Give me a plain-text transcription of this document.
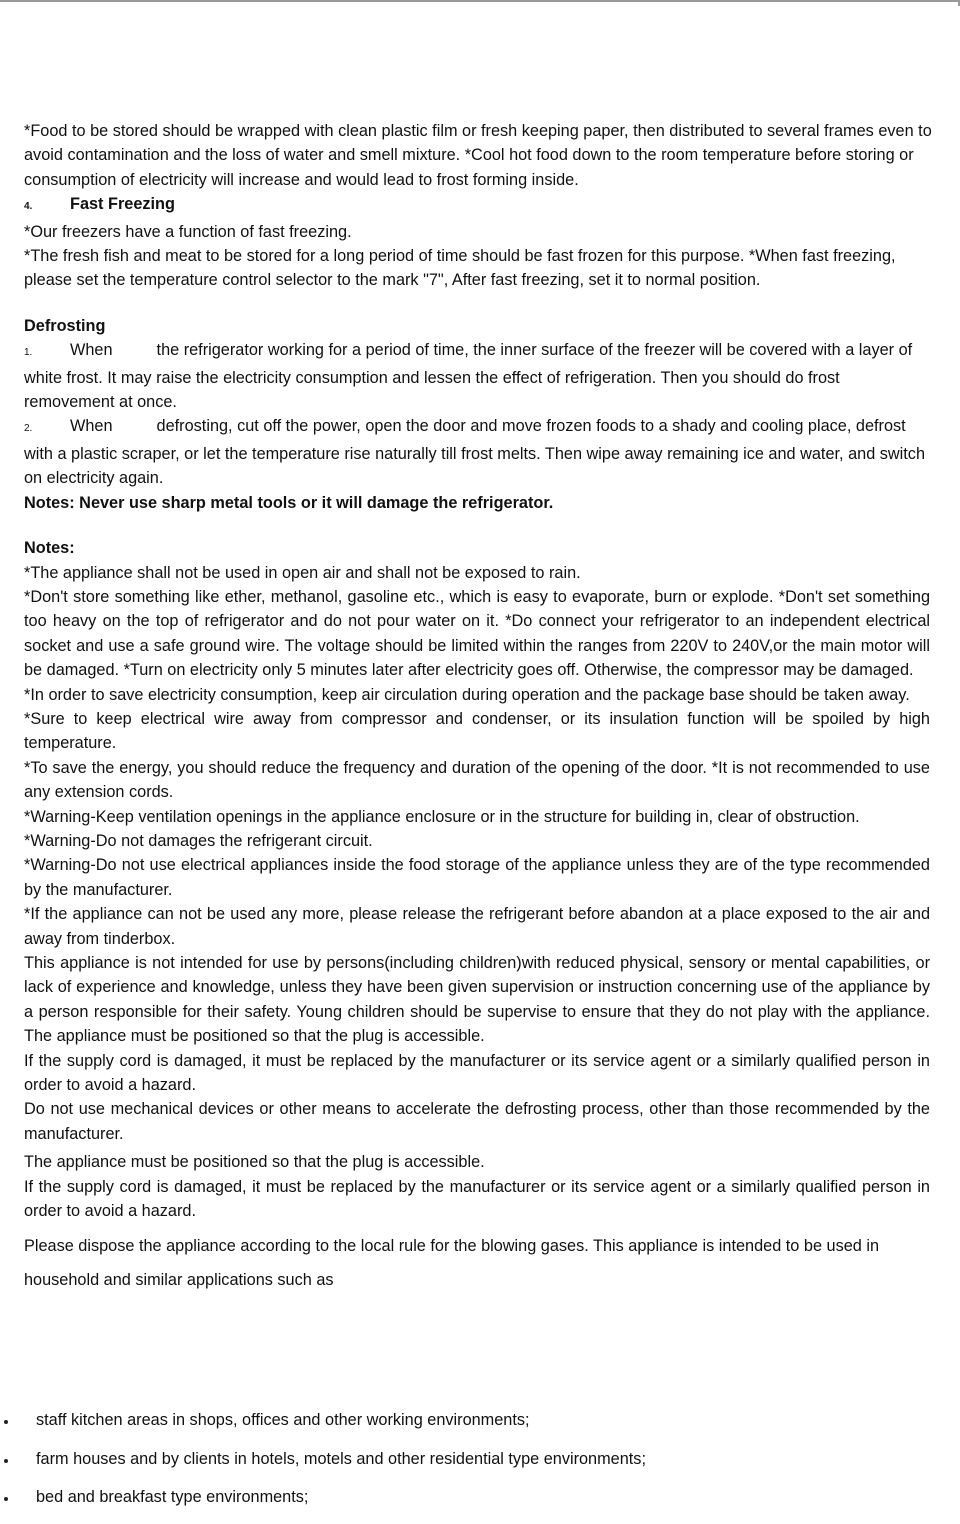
*Food to be stored should be wrapped with clean plastic film or fresh keeping paper, then distributed to several frames even to avoid contamination and the loss of water and smell mixture. *Cool hot food down to the room temperature before storing or consumption of electricity will increase and would lead to frost forming inside.

4. Fast Freezing

*Our freezers have a function of fast freezing.

*The fresh fish and meat to be stored for a long period of time should be fast frozen for this purpose. *When fast freezing, please set the temperature control selector to the mark "7", After fast freezing, set it to normal position.

Defrosting

1. When	the refrigerator working for a period of time, the inner surface of the freezer will be covered with a layer of white frost. It may raise the electricity consumption and lessen the effect of refrigeration. Then you should do frost removement at once.

2. When	defrosting, cut off the power, open the door and move frozen foods to a shady and cooling place, defrost with a plastic scraper, or let the temperature rise naturally till frost melts. Then wipe away remaining ice and water, and switch on electricity again.

Notes: Never use sharp metal tools or it will damage the refrigerator.

Notes:

*The appliance shall not be used in open air and shall not be exposed to rain.

*Don't store something like ether, methanol, gasoline etc., which is easy to evaporate, burn or explode. *Don't set something too heavy on the top of refrigerator and do not pour water on it. *Do connect your refrigerator to an independent electrical socket and use a safe ground wire. The voltage should be limited within the ranges from 220V to 240V,or the main motor will be damaged. *Turn on electricity only 5 minutes later after electricity goes off. Otherwise, the compressor may be damaged.

*In order to save electricity consumption, keep air circulation during operation and the package base should be taken away.

*Sure to keep electrical wire away from compressor and condenser, or its insulation function will be spoiled by high temperature.

*To save the energy, you should reduce the frequency and duration of the opening of the door. *It is not recommended to use any extension cords.

*Warning-Keep ventilation openings in the appliance enclosure or in the structure for building in, clear of obstruction.

*Warning-Do not damages the refrigerant circuit.

*Warning-Do not use electrical appliances inside the food storage of the appliance unless they are of the type recommended by the manufacturer.

*If the appliance can not be used any more, please release the refrigerant before abandon at a place exposed to the air and away from tinderbox.

This appliance is not intended for use by persons(including children)with reduced physical, sensory or mental capabilities, or lack of experience and knowledge, unless they have been given supervision or instruction concerning use of the appliance by a person responsible for their safety. Young children should be supervise to ensure that they do not play with the appliance. The appliance must be positioned so that the plug is accessible.

If the supply cord is damaged, it must be replaced by the manufacturer or its service agent or a similarly qualified person in order to avoid a hazard.

Do not use mechanical devices or other means to accelerate the defrosting process, other than those recommended by the manufacturer.

The appliance must be positioned so that the plug is accessible.

If the supply cord is damaged, it must be replaced by the manufacturer or its service agent or a similarly qualified person in order to avoid a hazard.

Please dispose the appliance according to the local rule for the blowing gases. This appliance is intended to be used in household and similar applications such as

staff kitchen areas in shops, offices and other working environments;
farm houses and by clients in hotels, motels and other residential type environments;
bed and breakfast type environments;
